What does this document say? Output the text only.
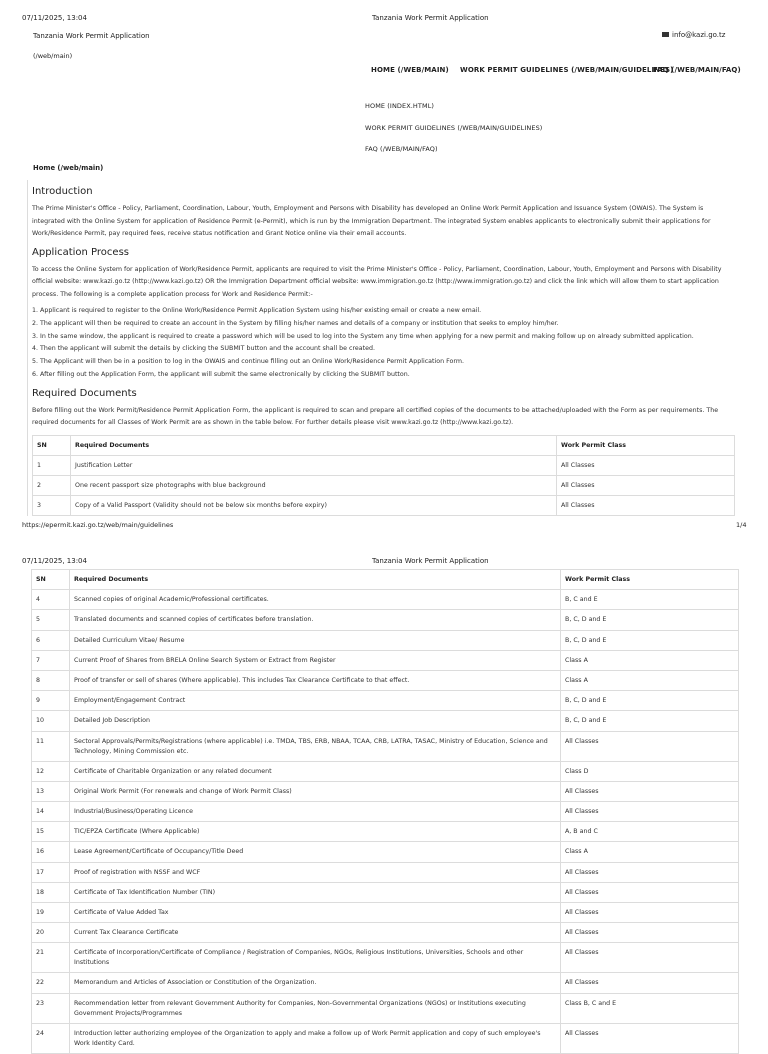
07/11/2025, 13:04	Tanzania Work Permit Application
Tanzania Work Permit Application
(/web/main)
info@kazi.go.tz
HOME (/WEB/MAIN) WORK PERMIT GUIDELINES (/WEB/MAIN/GUIDELINES)
FAQ (/WEB/MAIN/FAQ)
HOME (INDEX.HTML)
WORK PERMIT GUIDELINES (/WEB/MAIN/GUIDELINES)
FAQ (/WEB/MAIN/FAQ)
Home (/web/main)
Introduction

The Prime Minister's Office - Policy, Parliament, Coordination, Labour, Youth, Employment and Persons with Disability has developed an Online Work Permit Application and Issuance System (OWAIS). The System is integrated with the Online System for application of Residence Permit (e-Permit), which is run by the Immigration Department. The integrated System enables applicants to electronically submit their applications for Work/Residence Permit, pay required fees, receive status notification and Grant Notice online via their email accounts.

Application Process

To access the Online System for application of Work/Residence Permit, applicants are required to visit the Prime Minister's Office - Policy, Parliament, Coordination, Labour, Youth, Employment and Persons with Disability official website: www.kazi.go.tz (http://www.kazi.go.tz) OR the Immigration Department official website: www.immigration.go.tz (http://www.immigration.go.tz) and click the link which will allow them to start application process. The following is a complete application process for Work and Residence Permit:-

1. Applicant is required to register to the Online Work/Residence Permit Application System using his/her existing email or create a new email.
2. The applicant will then be required to create an account in the System by filling his/her names and details of a company or institution that seeks to employ him/her.
3. In the same window, the applicant is required to create a password which will be used to log into the System any time when applying for a new permit and making follow up on already submitted application.
4. Then the applicant will submit the details by clicking the SUBMIT button and the account shall be created.
5. The Applicant will then be in a position to log in the OWAIS and continue filling out an Online Work/Residence Permit Application Form.
6. After filling out the Application Form, the applicant will submit the same electronically by clicking the SUBMIT button.
Required Documents

Before filling out the Work Permit/Residence Permit Application Form, the applicant is required to scan and prepare all certified copies of the documents to be attached/uploaded with the Form as per requirements. The required documents for all Classes of Work Permit are as shown in the table below. For further details please visit www.kazi.go.tz (http://www.kazi.go.tz).

SN	Required Documents	Work Permit Class
1	Justification Letter	All Classes
2	One recent passport size photographs with blue background	All Classes
3	Copy of a Valid Passport (Validity should not be below six months before expiry)	All Classes
https://epermit.kazi.go.tz/web/main/guidelines	1/4
07/11/2025, 13:04	Tanzania Work Permit Application
SN	Required Documents	Work Permit Class
4	Scanned copies of original Academic/Professional certificates.	B, C and E
5	Translated documents and scanned copies of certificates before translation.	B, C, D and E
6	Detailed Curriculum Vitae/ Resume	B, C, D and E
7	Current Proof of Shares from BRELA Online Search System or Extract from Register	Class A
8	Proof of transfer or sell of shares (Where applicable). This includes Tax Clearance Certificate to that effect.	Class A
9	Employment/Engagement Contract	B, C, D and E
10	Detailed Job Description	B, C, D and E
11	Sectoral Approvals/Permits/Registrations (where applicable) i.e. TMDA, TBS, ERB, NBAA, TCAA, CRB, LATRA, TASAC, Ministry of Education, Science and Technology, Mining Commission etc.	All Classes
12	Certificate of Charitable Organization or any related document	Class D
13	Original Work Permit (For renewals and change of Work Permit Class)	All Classes
14	Industrial/Business/Operating Licence	All Classes
15	TIC/EPZA Certificate (Where Applicable)	A, B and C
16	Lease Agreement/Certificate of Occupancy/Title Deed	Class A
17	Proof of registration with NSSF and WCF	All Classes
18	Certificate of Tax Identification Number (TIN)	All Classes
19	Certificate of Value Added Tax	All Classes
20	Current Tax Clearance Certificate	All Classes
21	Certificate of Incorporation/Certificate of Compliance / Registration of Companies, NGOs, Religious Institutions, Universities, Schools and other Institutions	All Classes
22	Memorandum and Articles of Association or Constitution of the Organization.	All Classes
23	Recommendation letter from relevant Government Authority for Companies, Non-Governmental Organizations (NGOs) or Institutions executing Government Projects/Programmes	Class B, C and E
24	Introduction letter authorizing employee of the Organization to apply and make a follow up of Work Permit application and copy of such employee's Work Identity Card.	All Classes
